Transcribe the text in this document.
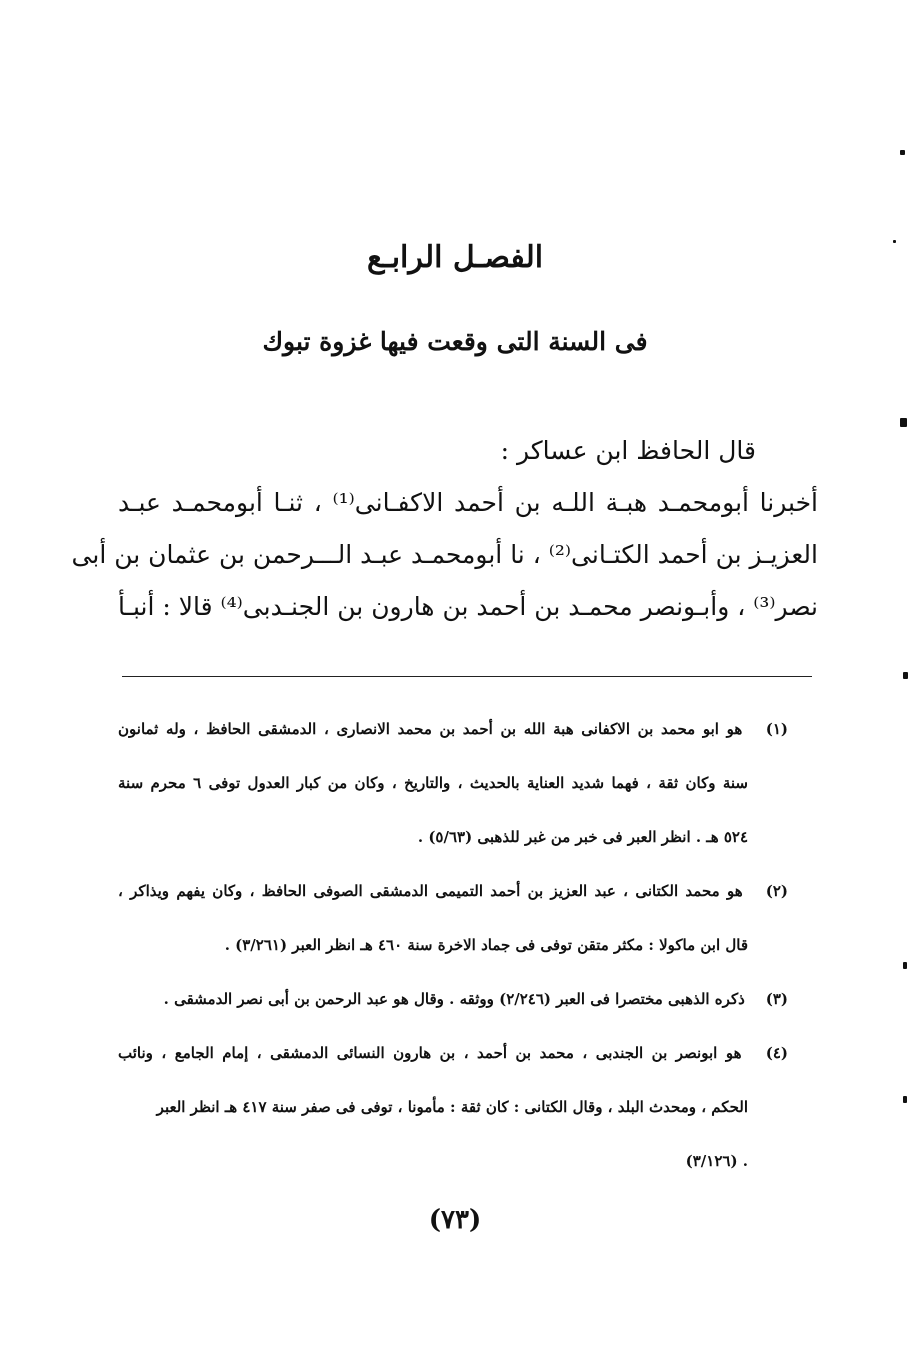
الفصـل الرابـع
فى السنة التى وقعت فيها غزوة تبوك
قال الحافظ ابن عساكر :
أخبرنا أبومحمـد هبـة اللـه بن أحمد الاكفـانى⁽¹⁾ ، ثنـا أبومحمـد عبـد
العزيـز بن أحمد الكتـانى⁽²⁾ ، نا أبومحمـد عبـد الـــرحمن بن عثمان بن أبى
نصر⁽³⁾ ، وأبـونصر محمـد بن أحمد بن هارون بن الجنـدبى⁽⁴⁾ قالا : أنبـأ
(١) هو ابو محمد بن الاكفانى هبة الله بن أحمد بن محمد الانصارى ، الدمشقى الحافظ ، وله ثمانون
سنة وكان ثقة ، فهما شديد العناية بالحديث ، والتاريخ ، وكان من كبار العدول توفى ٦ محرم سنة
٥٢٤ هـ . انظر العبر فى خبر من غبر للذهبى (٥/٦٣) .
(٢) هو محمد الكتانى ، عبد العزيز بن أحمد التميمى الدمشقى الصوفى الحافظ ، وكان يفهم ويذاكر ،
قال ابن ماكولا : مكثر متقن توفى فى جماد الاخرة سنة ٤٦٠ هـ انظر العبر (٣/٢٦١) .
(٣) ذكره الذهبى مختصرا فى العبر (٢/٢٤٦) ووثقه . وقال هو عبد الرحمن بن أبى نصر الدمشقى .
(٤) هو ابونصر بن الجندبى ، محمد بن أحمد ، بن هارون النسائى الدمشقى ، إمام الجامع ، ونائب
الحكم ، ومحدث البلد ، وقال الكتانى : كان ثقة : مأمونا ، توفى فى صفر سنة ٤١٧ هـ انظر العبر
. (٣/١٢٦)
(٧٣)
